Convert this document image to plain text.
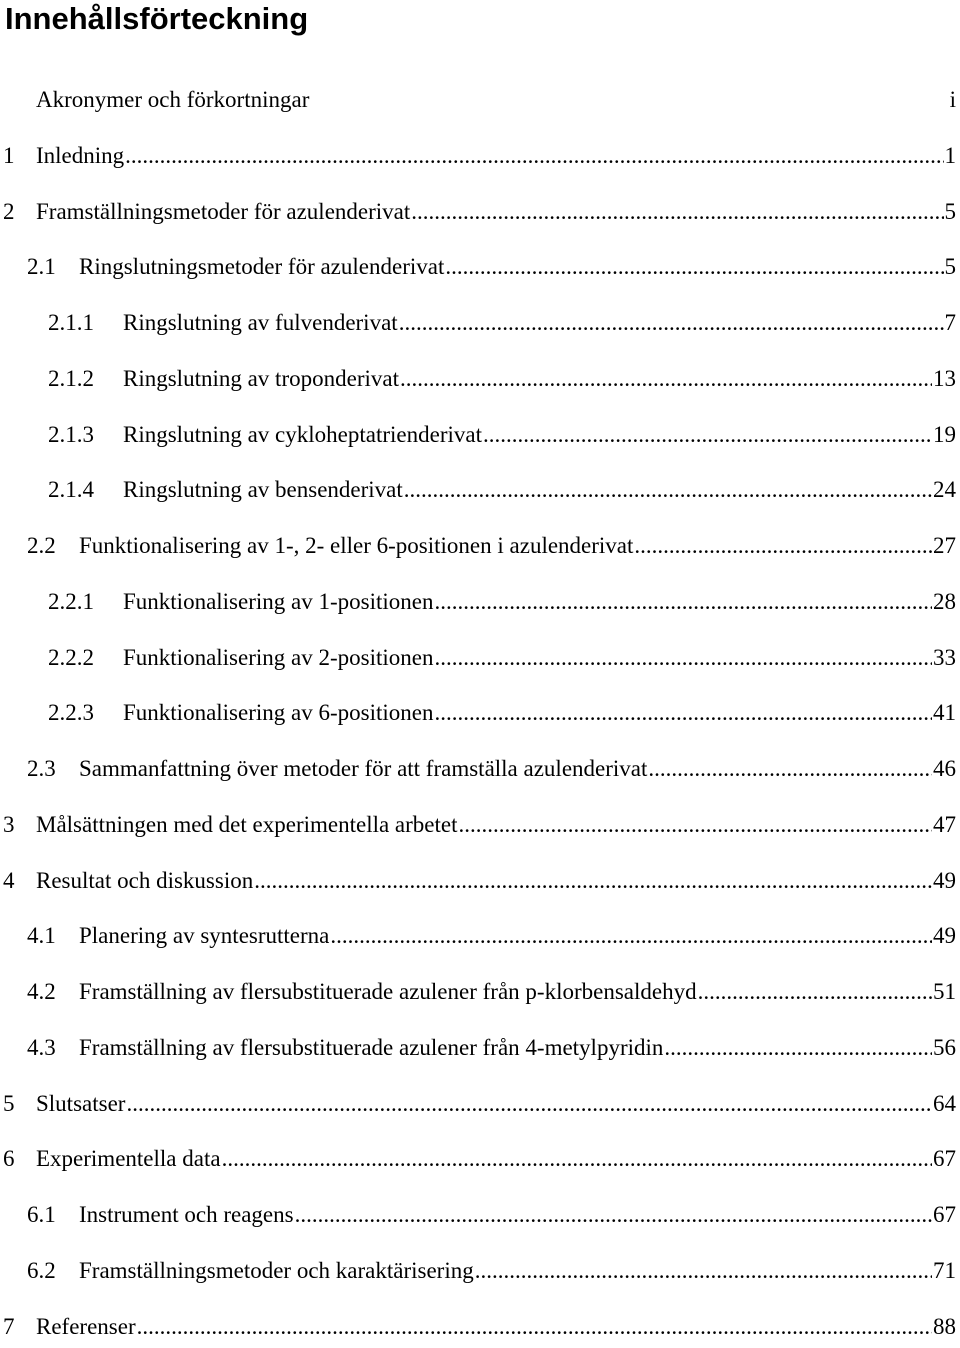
Innehållsförteckning
Akronymer och förkortningar	i
1 Inledning .....	1
2 Framställningsmetoder för azulenderivat .....	5
2.1	Ringslutningsmetoder för azulenderivat .....	5
2.1.1	Ringslutning av fulvenderivat .....	7
2.1.2	Ringslutning av troponderivat .....	13
2.1.3	Ringslutning av cykloheptatrienderivat .....	19
2.1.4	Ringslutning av bensenderivat .....	24
2.2	Funktionalisering av 1-, 2- eller 6-positionen i azulenderivat .....	27
2.2.1	Funktionalisering av 1-positionen .....	28
2.2.2	Funktionalisering av 2-positionen .....	33
2.2.3	Funktionalisering av 6-positionen .....	41
2.3	Sammanfattning över metoder för att framställa azulenderivat .....	46
3 Målsättningen med det experimentella arbetet .....	47
4 Resultat och diskussion .....	49
4.1	Planering av syntesrutterna .....	49
4.2	Framställning av flersubstituerade azulener från p-klorbensaldehyd .....	51
4.3	Framställning av flersubstituerade azulener från 4-metylpyridin .....	56
5 Slutsatser .....	64
6 Experimentella data .....	67
6.1	Instrument och reagens .....	67
6.2	Framställningsmetoder och karaktärisering .....	71
7 Referenser .....	88
